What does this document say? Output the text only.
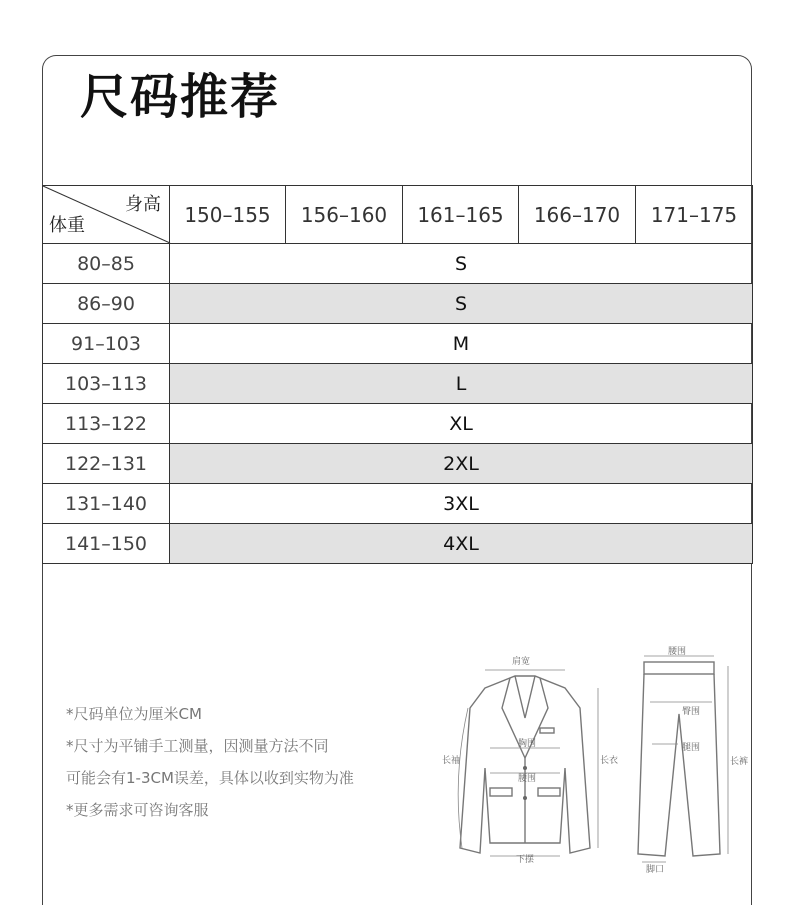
尺码推荐
身高
体重	150–155	156–160	161–165	166–170	171–175
80–85	S				
86–90	S				
91–103	M				
103–113	L				
113–122	XL				
122–131	2XL				
131–140	3XL				
141–150	4XL				
*尺码单位为厘米CM
*尺寸为平铺手工测量，因测量方法不同
可能会有1-3CM误差，具体以收到实物为准
*更多需求可咨询客服
肩宽
胸围
腰围
长袖	长衣
下摆
腰围
臀围
腿围
长裤
脚口
